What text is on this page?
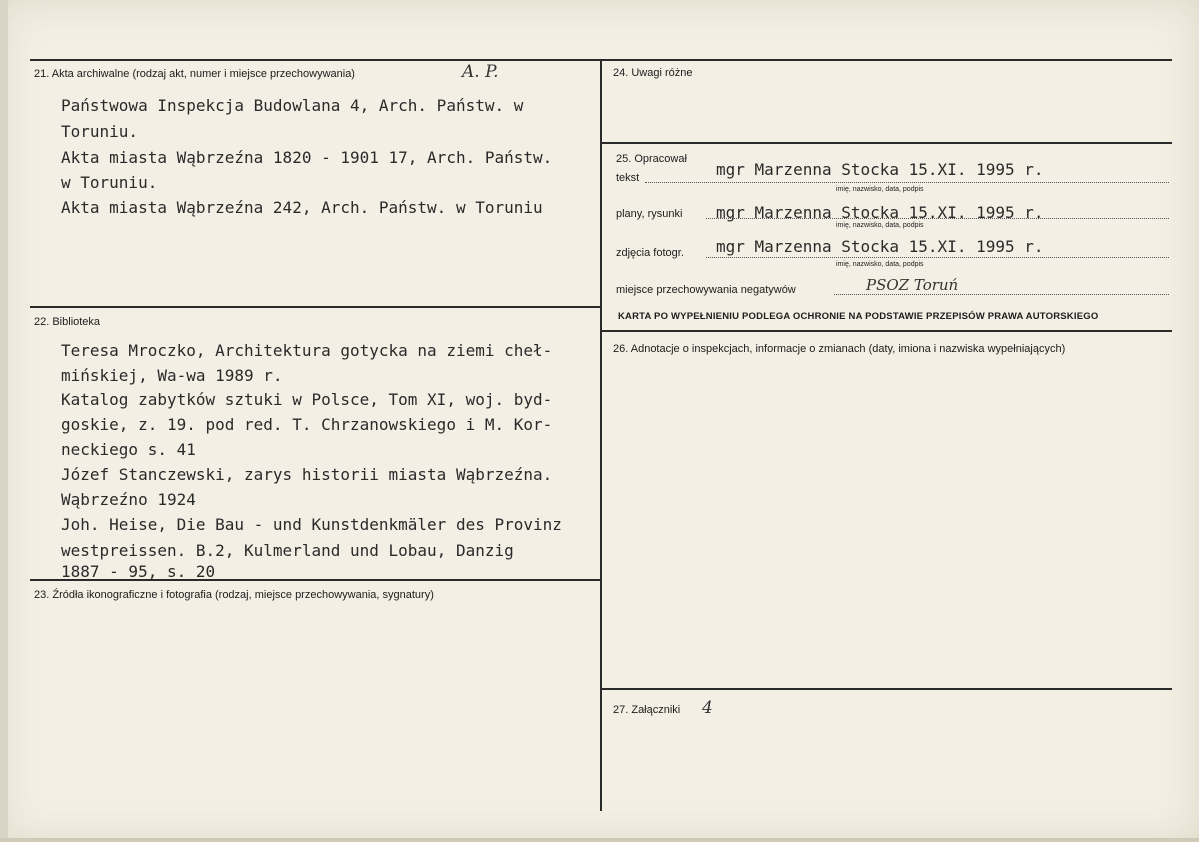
21. Akta archiwalne (rodzaj akt, numer i miejsce przechowywania)	A. P.
Państwowa Inspekcja Budowlana 4, Arch. Państw. w
Toruniu.
Akta miasta Wąbrzeźna 1820 - 1901 17, Arch. Państw.
w Toruniu.
Akta miasta Wąbrzeźna 242, Arch. Państw. w Toruniu
22. Biblioteka
Teresa Mroczko, Architektura gotycka na ziemi cheł-
mińskiej, Wa-wa 1989 r.
Katalog zabytków sztuki w Polsce, Tom XI, woj. byd-
goskie, z. 19. pod red. T. Chrzanowskiego i M. Kor-
neckiego s. 41
Józef Stanczewski, zarys historii miasta Wąbrzeźna.
Wąbrzeźno 1924
Joh. Heise, Die Bau - und Kunstdenkmäler des Provinz
westpreissen. B.2, Kulmerland und Lobau, Danzig
1887 - 95, s. 20
23. Źródła ikonograficzne i fotografia (rodzaj, miejsce przechowywania, sygnatury)
24. Uwagi różne
25. Opracował
tekst	mgr Marzenna Stocka 15.XI. 1995 r.
imię, nazwisko, data, podpis
plany, rysunki mgr Marzenna Stocka 15.XI. 1995 r.
imię, nazwisko, data, podpis
zdjęcia fotogr. mgr Marzenna Stocka 15.XI. 1995 r.
imię, nazwisko, data, podpis
miejsce przechowywania negatywów	PSOZ Toruń
KARTA PO WYPEŁNIENIU PODLEGA OCHRONIE NA PODSTAWIE PRZEPISÓW PRAWA AUTORSKIEGO
26. Adnotacje o inspekcjach, informacje o zmianach (daty, imiona i nazwiska wypełniających)
27. Załączniki 4
